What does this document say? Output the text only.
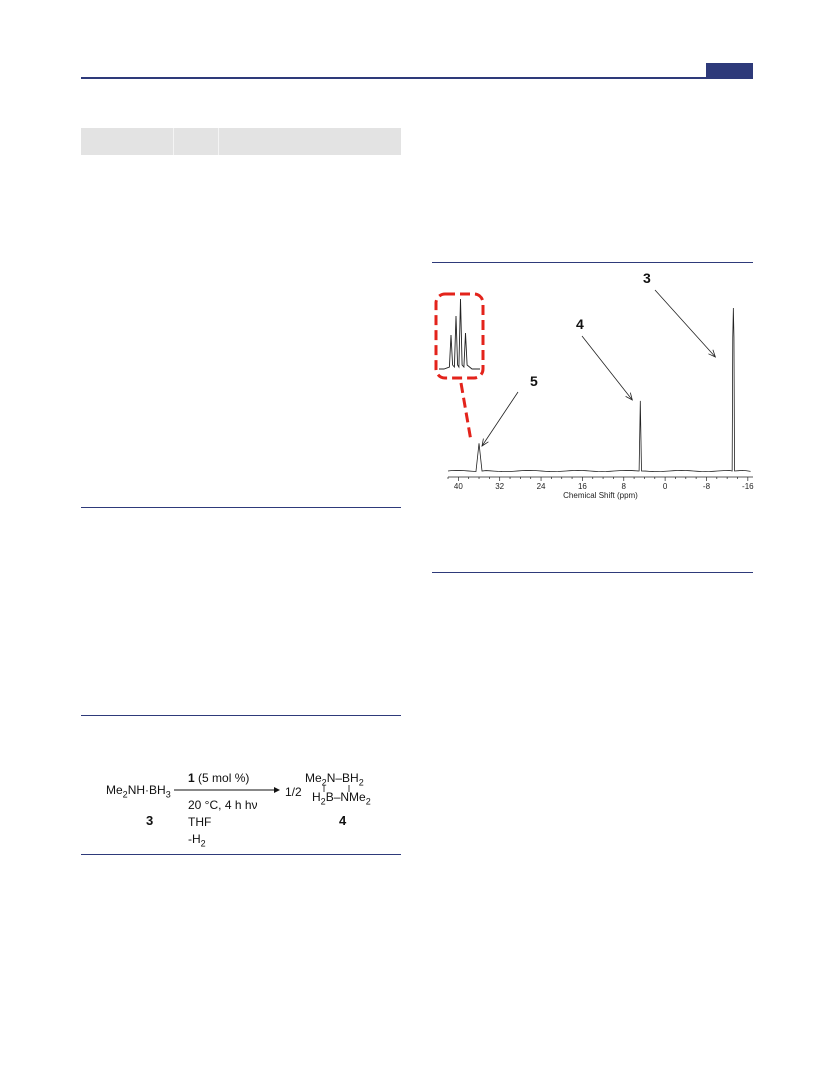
$Me_2NH\cdot BH_3$
3
1 (5 mol %)
20 °C, 4 h hν
THF
$-H_2$
1/2
$Me_2N-BH_2$
$H_2B-NMe_2$
4
40	32	24	16	8	0	-8	-16
Chemical Shift (ppm)
5
4
3
